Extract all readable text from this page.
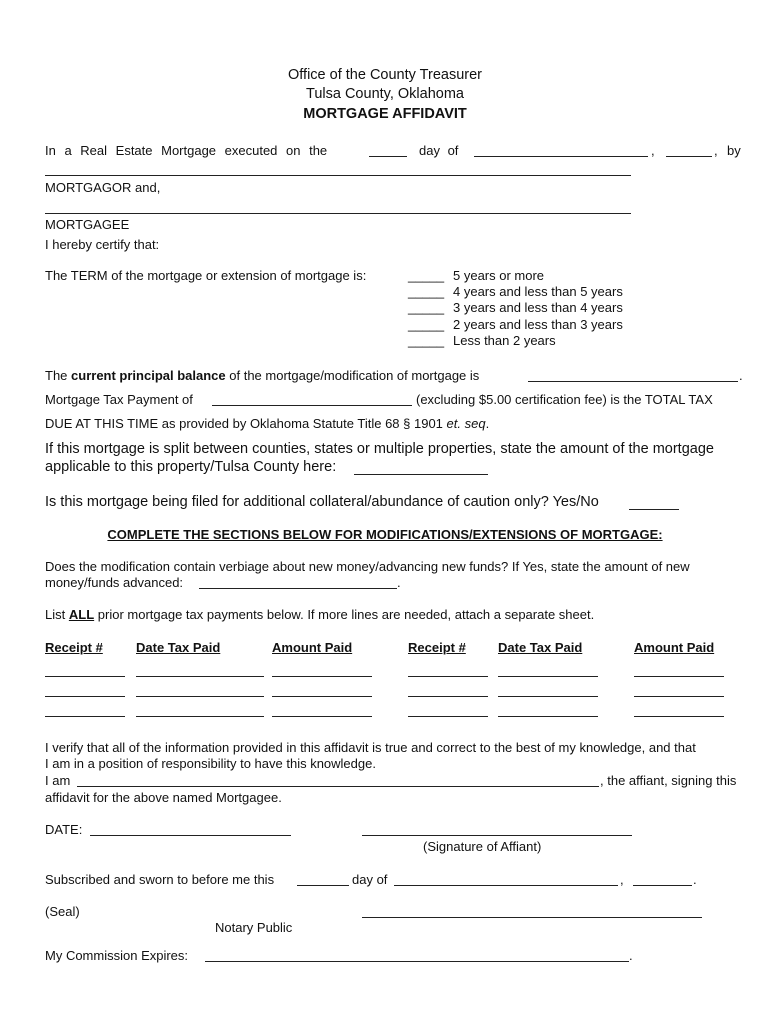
Office of the County Treasurer
Tulsa County, Oklahoma
MORTGAGE AFFIDAVIT
In a Real Estate Mortgage executed on the	day of	,	, by
MORTGAGOR and,
MORTGAGEE
I hereby certify that:
The TERM of the mortgage or extension of mortgage is:	_____ 5 years or more
_____ 4 years and less than 5 years
_____ 3 years and less than 4 years
_____ 2 years and less than 3 years
_____ Less than 2 years
The current principal balance of the mortgage/modification of mortgage is	.
Mortgage Tax Payment of	(excluding $5.00 certification fee) is the TOTAL TAX
DUE AT THIS TIME as provided by Oklahoma Statute Title 68 § 1901 et. seq.
If this mortgage is split between counties, states or multiple properties, state the amount of the mortgage
applicable to this property/Tulsa County here:
Is this mortgage being filed for additional collateral/abundance of caution only? Yes/No
COMPLETE THE SECTIONS BELOW FOR MODIFICATIONS/EXTENSIONS OF MORTGAGE:
Does the modification contain verbiage about new money/advancing new funds? If Yes, state the amount of new
money/funds advanced:	.
List ALL prior mortgage tax payments below. If more lines are needed, attach a separate sheet.
Receipt #	Date Tax Paid	Amount Paid	Receipt # Date Tax Paid	Amount Paid
I verify that all of the information provided in this affidavit is true and correct to the best of my knowledge, and that
I am in a position of responsibility to have this knowledge.
I am	, the affiant, signing this
affidavit for the above named Mortgagee.
DATE:
(Signature of Affiant)
Subscribed and sworn to before me this	day of	,	.
(Seal)
Notary Public
My Commission Expires:	.
